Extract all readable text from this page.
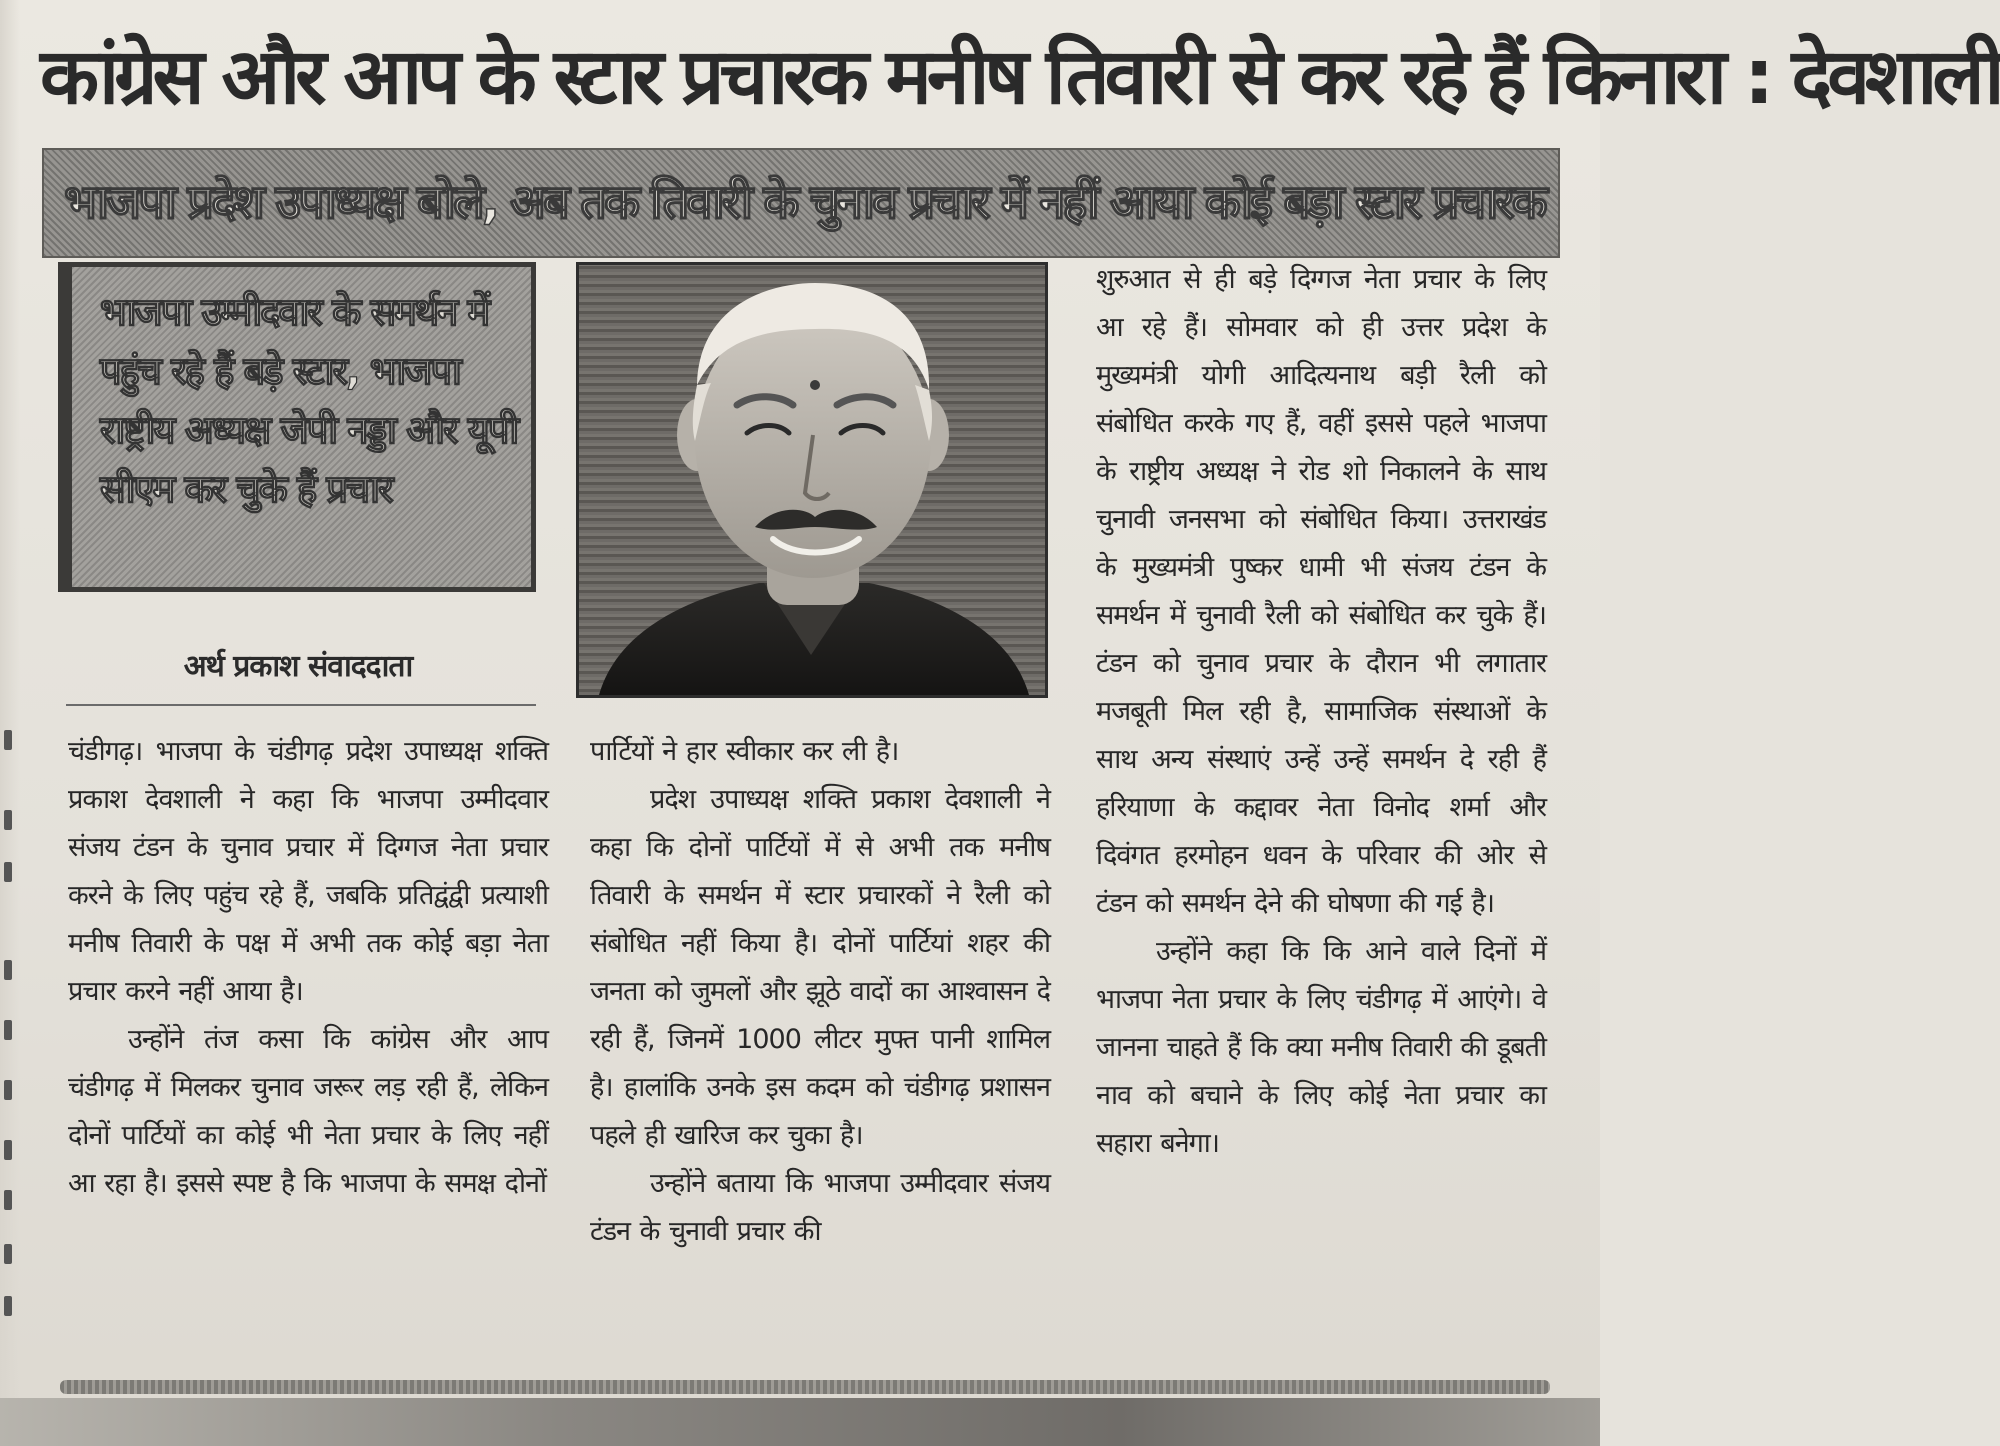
कांग्रेस और आप के स्टार प्रचारक मनीष तिवारी से कर रहे हैं किनारा : देवशाली
भाजपा प्रदेश उपाध्यक्ष बोले, अब तक तिवारी के चुनाव प्रचार में नहीं आया कोई बड़ा स्टार प्रचारक
भाजपा उम्मीदवार के समर्थन में पहुंच रहे हैं बड़े स्टार, भाजपा राष्ट्रीय अध्यक्ष जेपी नड्डा और यूपी सीएम कर चुके हैं प्रचार
अर्थ प्रकाश संवाददाता

चंडीगढ़। भाजपा के चंडीगढ़ प्रदेश उपाध्यक्ष शक्ति प्रकाश देवशाली ने कहा कि भाजपा उम्मीदवार संजय टंडन के चुनाव प्रचार में दिग्गज नेता प्रचार करने के लिए पहुंच रहे हैं, जबकि प्रतिद्वंद्वी प्रत्याशी मनीष तिवारी के पक्ष में अभी तक कोई बड़ा नेता प्रचार करने नहीं आया है।

उन्होंने तंज कसा कि कांग्रेस और आप चंडीगढ़ में मिलकर चुनाव जरूर लड़ रही हैं, लेकिन दोनों पार्टियों का कोई भी नेता प्रचार के लिए नहीं आ रहा है। इससे स्पष्ट है कि भाजपा के समक्ष दोनों

पार्टियों ने हार स्वीकार कर ली है।

प्रदेश उपाध्यक्ष शक्ति प्रकाश देवशाली ने कहा कि दोनों पार्टियों में से अभी तक मनीष तिवारी के समर्थन में स्टार प्रचारकों ने रैली को संबोधित नहीं किया है। दोनों पार्टियां शहर की जनता को जुमलों और झूठे वादों का आश्वासन दे रही हैं, जिनमें 1000 लीटर मुफ्त पानी शामिल है। हालांकि उनके इस कदम को चंडीगढ़ प्रशासन पहले ही खारिज कर चुका है।

उन्होंने बताया कि भाजपा उम्मीदवार संजय टंडन के चुनावी प्रचार की

शुरुआत से ही बड़े दिग्गज नेता प्रचार के लिए आ रहे हैं। सोमवार को ही उत्तर प्रदेश के मुख्यमंत्री योगी आदित्यनाथ बड़ी रैली को संबोधित करके गए हैं, वहीं इससे पहले भाजपा के राष्ट्रीय अध्यक्ष ने रोड शो निकालने के साथ चुनावी जनसभा को संबोधित किया। उत्तराखंड के मुख्यमंत्री पुष्कर धामी भी संजय टंडन के समर्थन में चुनावी रैली को संबोधित कर चुके हैं। टंडन को चुनाव प्रचार के दौरान भी लगातार मजबूती मिल रही है, सामाजिक संस्थाओं के साथ अन्य संस्थाएं उन्हें उन्हें समर्थन दे रही हैं हरियाणा के कद्दावर नेता विनोद शर्मा और दिवंगत हरमोहन धवन के परिवार की ओर से टंडन को समर्थन देने की घोषणा की गई है।

उन्होंने कहा कि कि आने वाले दिनों में भाजपा नेता प्रचार के लिए चंडीगढ़ में आएंगे। वे जानना चाहते हैं कि क्या मनीष तिवारी की डूबती नाव को बचाने के लिए कोई नेता प्रचार का सहारा बनेगा।
